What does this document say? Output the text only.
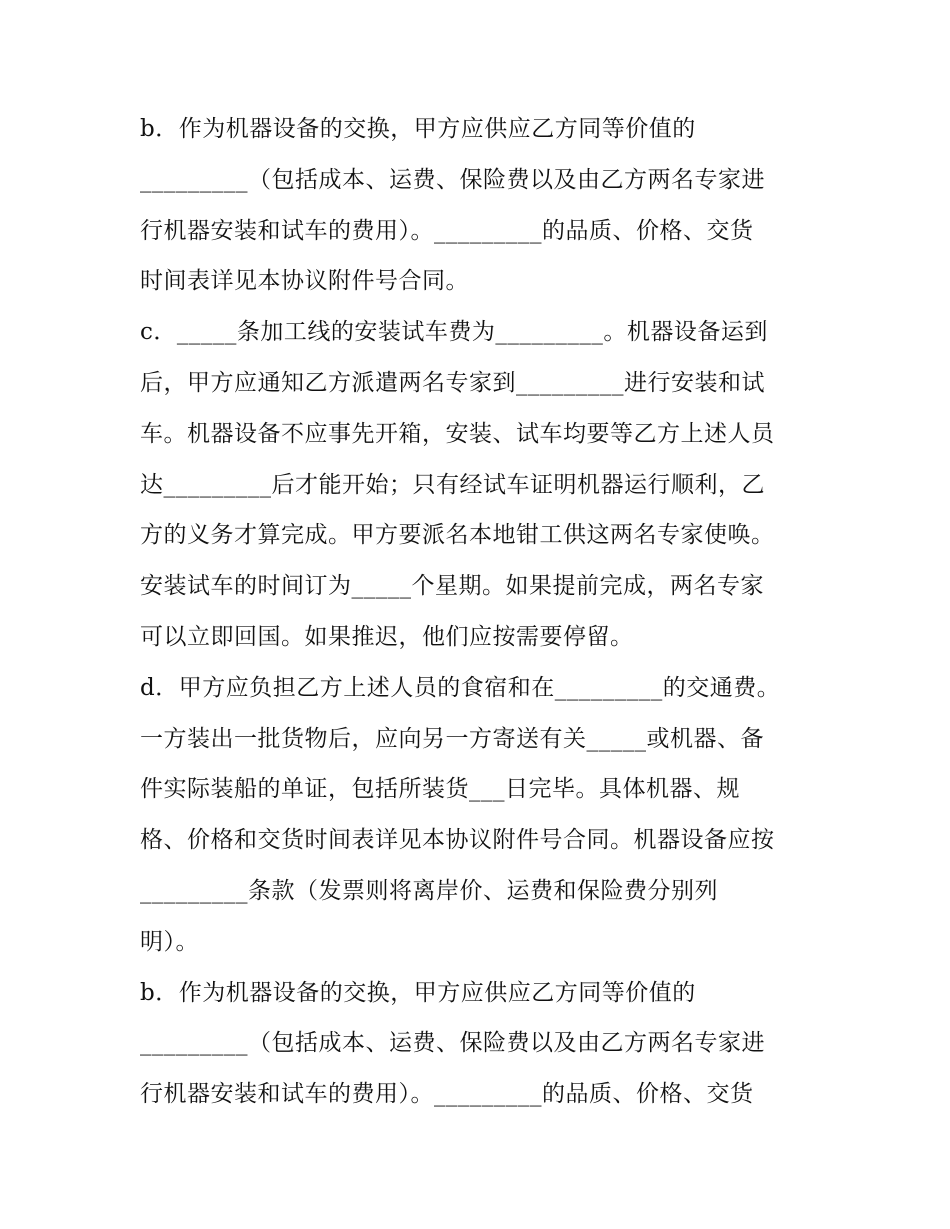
b．作为机器设备的交换，甲方应供应乙方同等价值的
_________（包括成本、运费、保险费以及由乙方两名专家进
行机器安装和试车的费用）。_________的品质、价格、交货
时间表详见本协议附件号合同。
c．_____条加工线的安装试车费为_________。机器设备运到
后，甲方应通知乙方派遣两名专家到_________进行安装和试
车。机器设备不应事先开箱，安装、试车均要等乙方上述人员
达_________后才能开始；只有经试车证明机器运行顺利，乙
方的义务才算完成。甲方要派名本地钳工供这两名专家使唤。
安装试车的时间订为_____个星期。如果提前完成，两名专家
可以立即回国。如果推迟，他们应按需要停留。
d．甲方应负担乙方上述人员的食宿和在_________的交通费。
一方装出一批货物后，应向另一方寄送有关_____或机器、备
件实际装船的单证，包括所装货___日完毕。具体机器、规
格、价格和交货时间表详见本协议附件号合同。机器设备应按
_________条款（发票则将离岸价、运费和保险费分别列
明）。
b．作为机器设备的交换，甲方应供应乙方同等价值的
_________（包括成本、运费、保险费以及由乙方两名专家进
行机器安装和试车的费用）。_________的品质、价格、交货
